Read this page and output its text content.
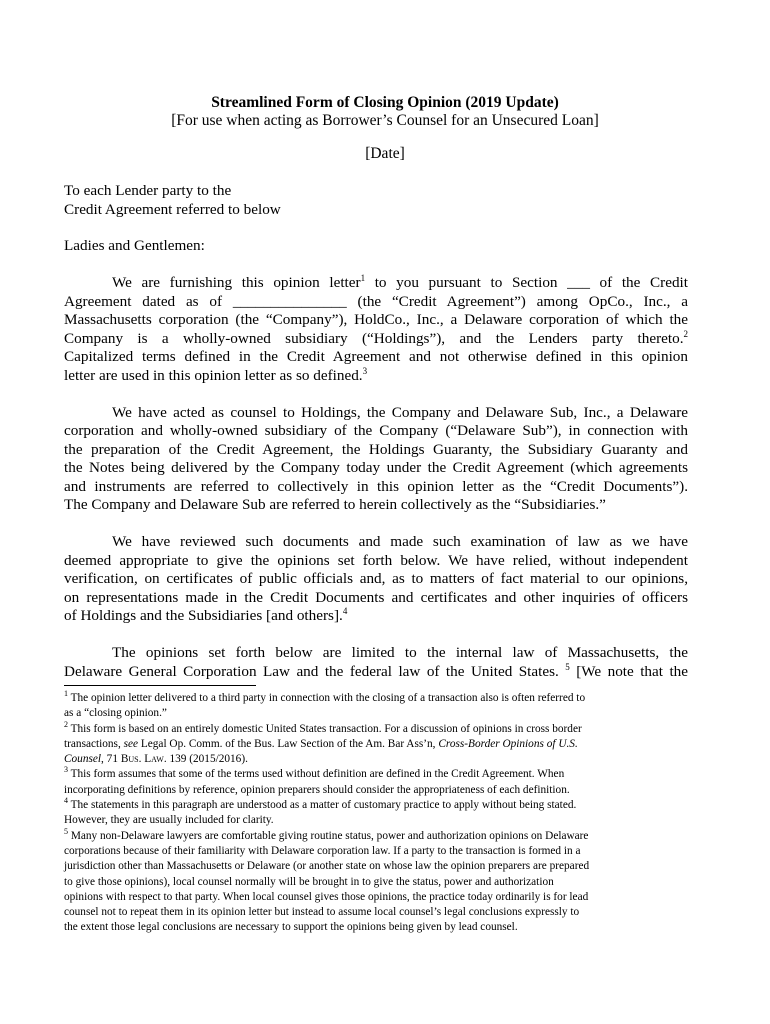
Streamlined Form of Closing Opinion (2019 Update)
[For use when acting as Borrower’s Counsel for an Unsecured Loan]
[Date]
To each Lender party to the
Credit Agreement referred to below
Ladies and Gentlemen:
We are furnishing this opinion letter$^1$ to you pursuant to Section ___ of the Credit
Agreement dated as of _______________ (the “Credit Agreement”) among OpCo., Inc., a
Massachusetts corporation (the “Company”), HoldCo., Inc., a Delaware corporation of which the
Company is a wholly-owned subsidiary (“Holdings”), and the Lenders party thereto.$^2$
Capitalized terms defined in the Credit Agreement and not otherwise defined in this opinion
letter are used in this opinion letter as so defined.$^3$
We have acted as counsel to Holdings, the Company and Delaware Sub, Inc., a Delaware
corporation and wholly-owned subsidiary of the Company (“Delaware Sub”), in connection with
the preparation of the Credit Agreement, the Holdings Guaranty, the Subsidiary Guaranty and
the Notes being delivered by the Company today under the Credit Agreement (which agreements
and instruments are referred to collectively in this opinion letter as the “Credit Documents”).
The Company and Delaware Sub are referred to herein collectively as the “Subsidiaries.”
We have reviewed such documents and made such examination of law as we have
deemed appropriate to give the opinions set forth below. We have relied, without independent
verification, on certificates of public officials and, as to matters of fact material to our opinions,
on representations made in the Credit Documents and certificates and other inquiries of officers
of Holdings and the Subsidiaries [and others].$^4$
The opinions set forth below are limited to the internal law of Massachusetts, the
Delaware General Corporation Law and the federal law of the United States. $^5$ [We note that the
$^1$ The opinion letter delivered to a third party in connection with the closing of a transaction also is often referred to
as a “closing opinion.”
$^2$ This form is based on an entirely domestic United States transaction. For a discussion of opinions in cross border
transactions, see Legal Op. Comm. of the Bus. Law Section of the Am. Bar Ass’n, Cross-Border Opinions of U.S.
Counsel, 71 Bus. Law. 139 (2015/2016).
$^3$ This form assumes that some of the terms used without definition are defined in the Credit Agreement. When
incorporating definitions by reference, opinion preparers should consider the appropriateness of each definition.
$^4$ The statements in this paragraph are understood as a matter of customary practice to apply without being stated.
However, they are usually included for clarity.
$^5$ Many non-Delaware lawyers are comfortable giving routine status, power and authorization opinions on Delaware
corporations because of their familiarity with Delaware corporation law. If a party to the transaction is formed in a
jurisdiction other than Massachusetts or Delaware (or another state on whose law the opinion preparers are prepared
to give those opinions), local counsel normally will be brought in to give the status, power and authorization
opinions with respect to that party. When local counsel gives those opinions, the practice today ordinarily is for lead
counsel not to repeat them in its opinion letter but instead to assume local counsel’s legal conclusions expressly to
the extent those legal conclusions are necessary to support the opinions being given by lead counsel.
